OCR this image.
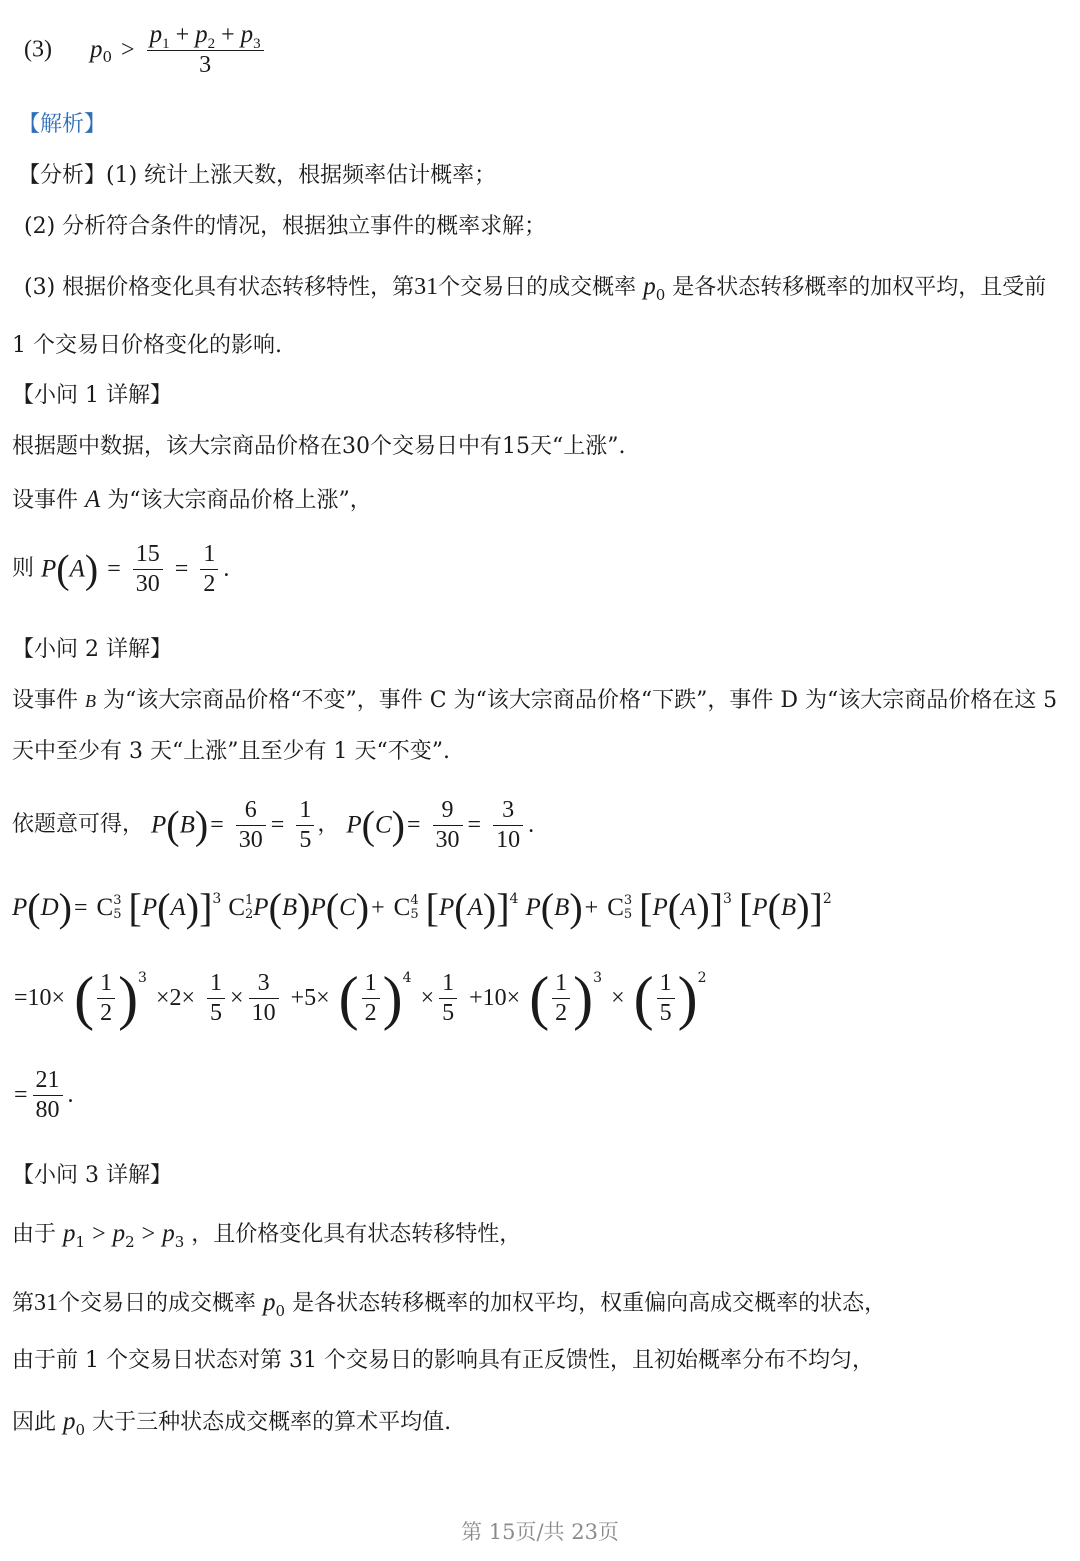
(3) $p_0 > \frac{p_1 + p_2 + p_3}{3}$
【解析】
【分析】(1) 统计上涨天数，根据频率估计概率；
(2) 分析符合条件的情况，根据独立事件的概率求解；
(3) 根据价格变化具有状态转移特性，第31个交易日的成交概率 $p_0$ 是各状态转移概率的加权平均，且受前
1 个交易日价格变化的影响.
【小问 1 详解】
根据题中数据，该大宗商品价格在30个交易日中有15天“上涨”.
设事件 A 为“该大宗商品价格上涨”，
则 $P(A) = \frac{15}{30} = \frac{1}{2}$ .
【小问 2 详解】
设事件 B 为“该大宗商品价格“不变”，事件 C 为“该大宗商品价格“下跌”，事件 D 为“该大宗商品价格在这 5
天中至少有 3 天“上涨”且至少有 1 天“不变”.
依题意可得， $P(B)= \frac{6}{30} = \frac{1}{5}$ ， $P(C)= \frac{9}{30} = \frac{3}{10}$ .
P(D)= C3
5 $[P(A)]^3$ C1
2P(B)P(C)+ C4
5 $[P(A)]^4$ P(B)+ C3
5 $[P(A)]^3$ $[P(B)]^2$
=10× ( $\frac{1}{2} )^3 \times 2\times \frac{1}{5} \times \frac{3}{10} +5\times$ ( $\frac{1}{2} )^4 \times \frac{1}{5} +10\times$ ( $\frac{1}{2} )^3$ × ( $\frac{1}{5} )^2$
= $\frac{21}{80}$ .
【小问 3 详解】
由于 $p_1 > p_2 > p_3$ ，且价格变化具有状态转移特性，
第31个交易日的成交概率 $p_0$ 是各状态转移概率的加权平均，权重偏向高成交概率的状态，
由于前 1 个交易日状态对第 31 个交易日的影响具有正反馈性，且初始概率分布不均匀，
因此 $p_0$ 大于三种状态成交概率的算术平均值.
第 15页/共 23页
